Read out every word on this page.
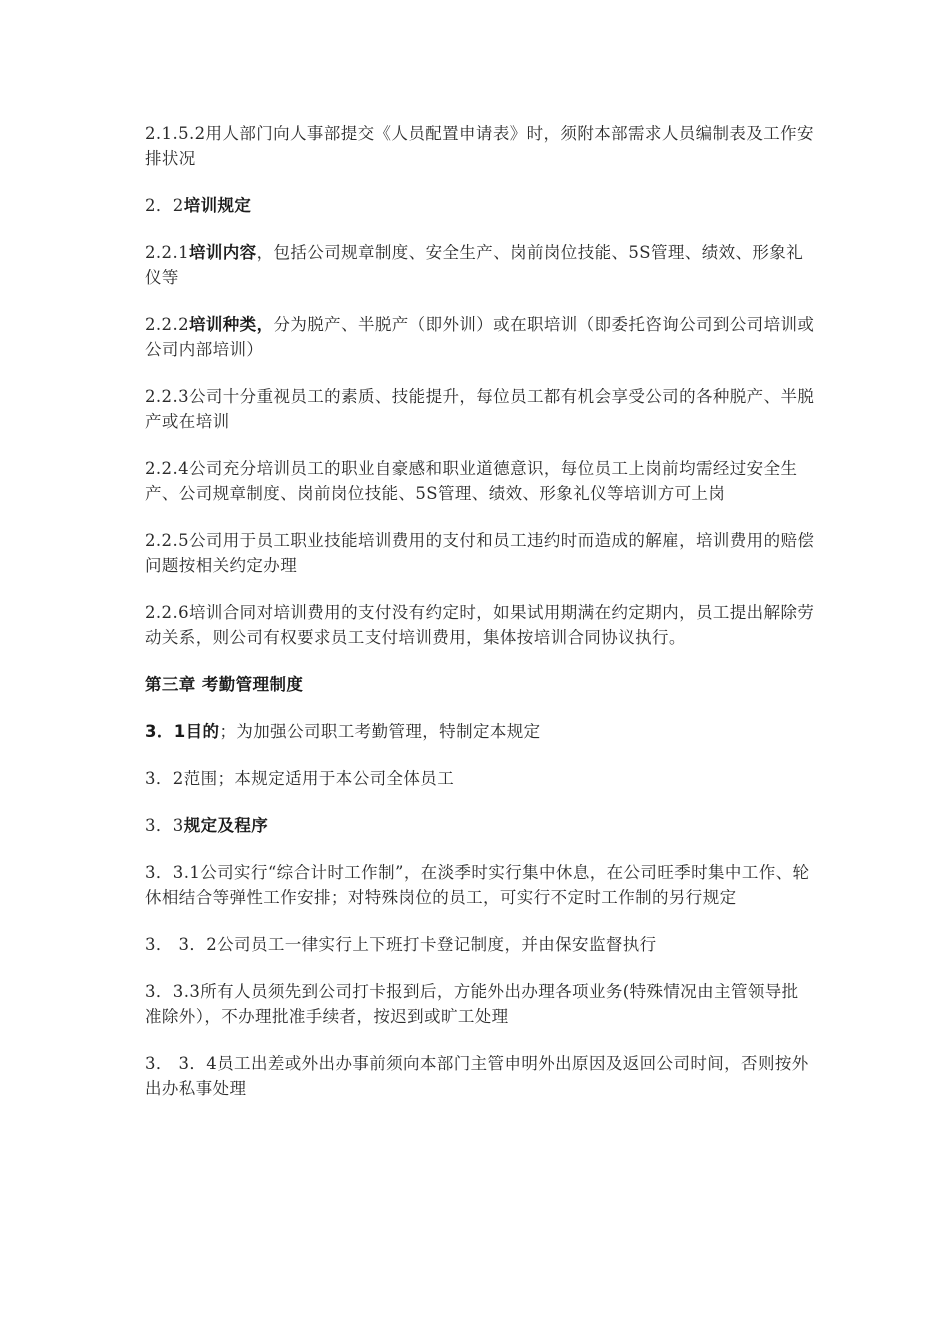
2.1.5.2用人部门向人事部提交《人员配置申请表》时，须附本部需求人员编制表及工作安排状况

2．2培训规定

2.2.1培训内容，包括公司规章制度、安全生产、岗前岗位技能、5S管理、绩效、形象礼仪等

2.2.2培训种类，分为脱产、半脱产（即外训）或在职培训（即委托咨询公司到公司培训或公司内部培训）

2.2.3公司十分重视员工的素质、技能提升，每位员工都有机会享受公司的各种脱产、半脱产或在培训

2.2.4公司充分培训员工的职业自豪感和职业道德意识，每位员工上岗前均需经过安全生产、公司规章制度、岗前岗位技能、5S管理、绩效、形象礼仪等培训方可上岗

2.2.5公司用于员工职业技能培训费用的支付和员工违约时而造成的解雇，培训费用的赔偿问题按相关约定办理

2.2.6培训合同对培训费用的支付没有约定时，如果试用期满在约定期内，员工提出解除劳动关系，则公司有权要求员工支付培训费用，集体按培训合同协议执行。

第三章 考勤管理制度

3．1目的；为加强公司职工考勤管理，特制定本规定

3．2范围；本规定适用于本公司全体员工

3．3规定及程序

3．3.1公司实行“综合计时工作制”，在淡季时实行集中休息，在公司旺季时集中工作、轮休相结合等弹性工作安排；对特殊岗位的员工，可实行不定时工作制的另行规定

3． 3．2公司员工一律实行上下班打卡登记制度，并由保安监督执行

3．3.3所有人员须先到公司打卡报到后，方能外出办理各项业务(特殊情况由主管领导批准除外），不办理批准手续者，按迟到或旷工处理

3． 3．4员工出差或外出办事前须向本部门主管申明外出原因及返回公司时间，否则按外出办私事处理
